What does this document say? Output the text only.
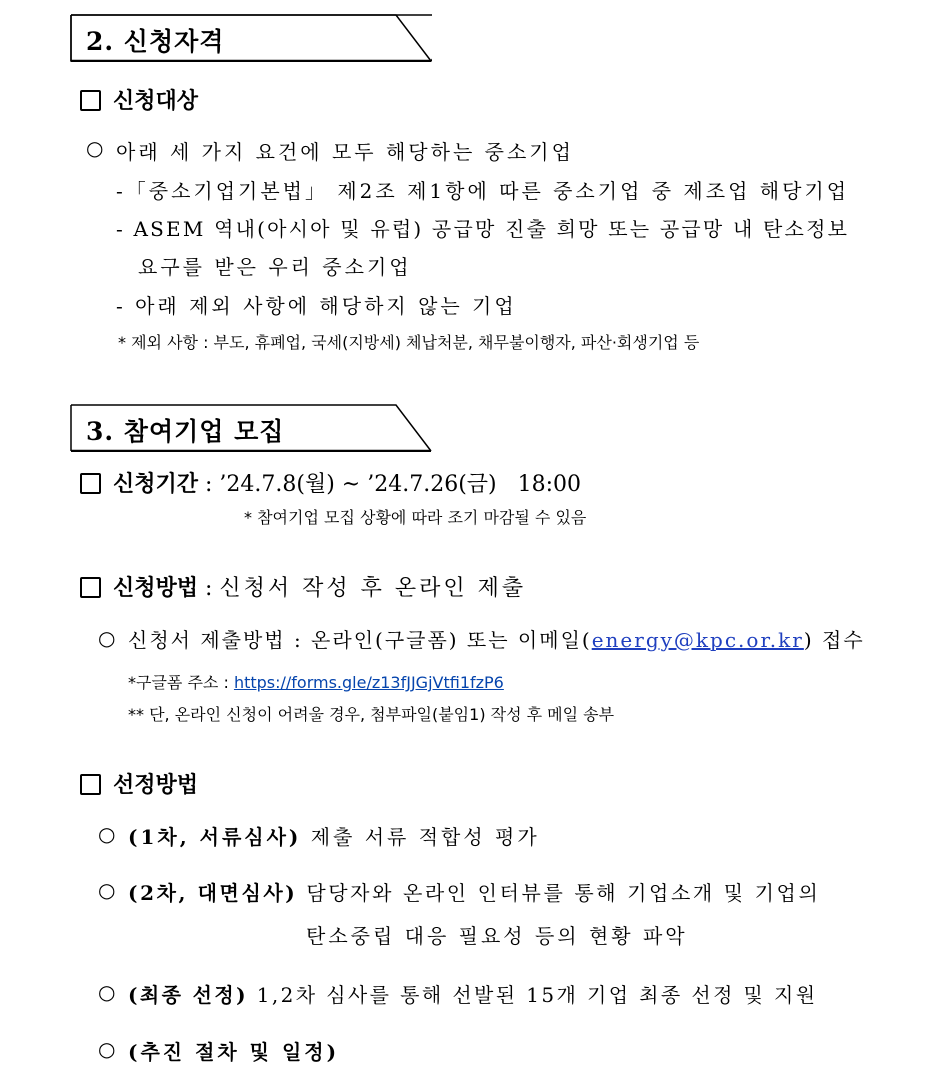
2. 신청자격
신청대상
○ 아래 세 가지 요건에 모두 해당하는 중소기업
-「중소기업기본법」 제2조 제1항에 따른 중소기업 중 제조업 해당기업
- ASEM 역내(아시아 및 유럽) 공급망 진출 희망 또는 공급망 내 탄소정보
요구를 받은 우리 중소기업
- 아래 제외 사항에 해당하지 않는 기업
* 제외 사항 : 부도, 휴폐업, 국세(지방세) 체납처분, 채무불이행자, 파산·회생기업 등
3. 참여기업 모집
신청기간 : ’24.7.8(월) ~ ’24.7.26(금)   18:00
* 참여기업 모집 상황에 따라 조기 마감될 수 있음
신청방법 : 신청서 작성 후 온라인 제출
○ 신청서 제출방법 : 온라인(구글폼) 또는 이메일(energy@kpc.or.kr) 접수
*구글폼 주소 : https://forms.gle/z13fJJGjVtfi1fzP6
** 단, 온라인 신청이 어려울 경우, 첨부파일(붙임1) 작성 후 메일 송부
선정방법
○ (1차, 서류심사) 제출 서류 적합성 평가
○ (2차, 대면심사) 담당자와 온라인 인터뷰를 통해 기업소개 및 기업의
탄소중립 대응 필요성 등의 현황 파악
○ (최종 선정) 1,2차 심사를 통해 선발된 15개 기업 최종 선정 및 지원
○ (추진 절차 및 일정)
